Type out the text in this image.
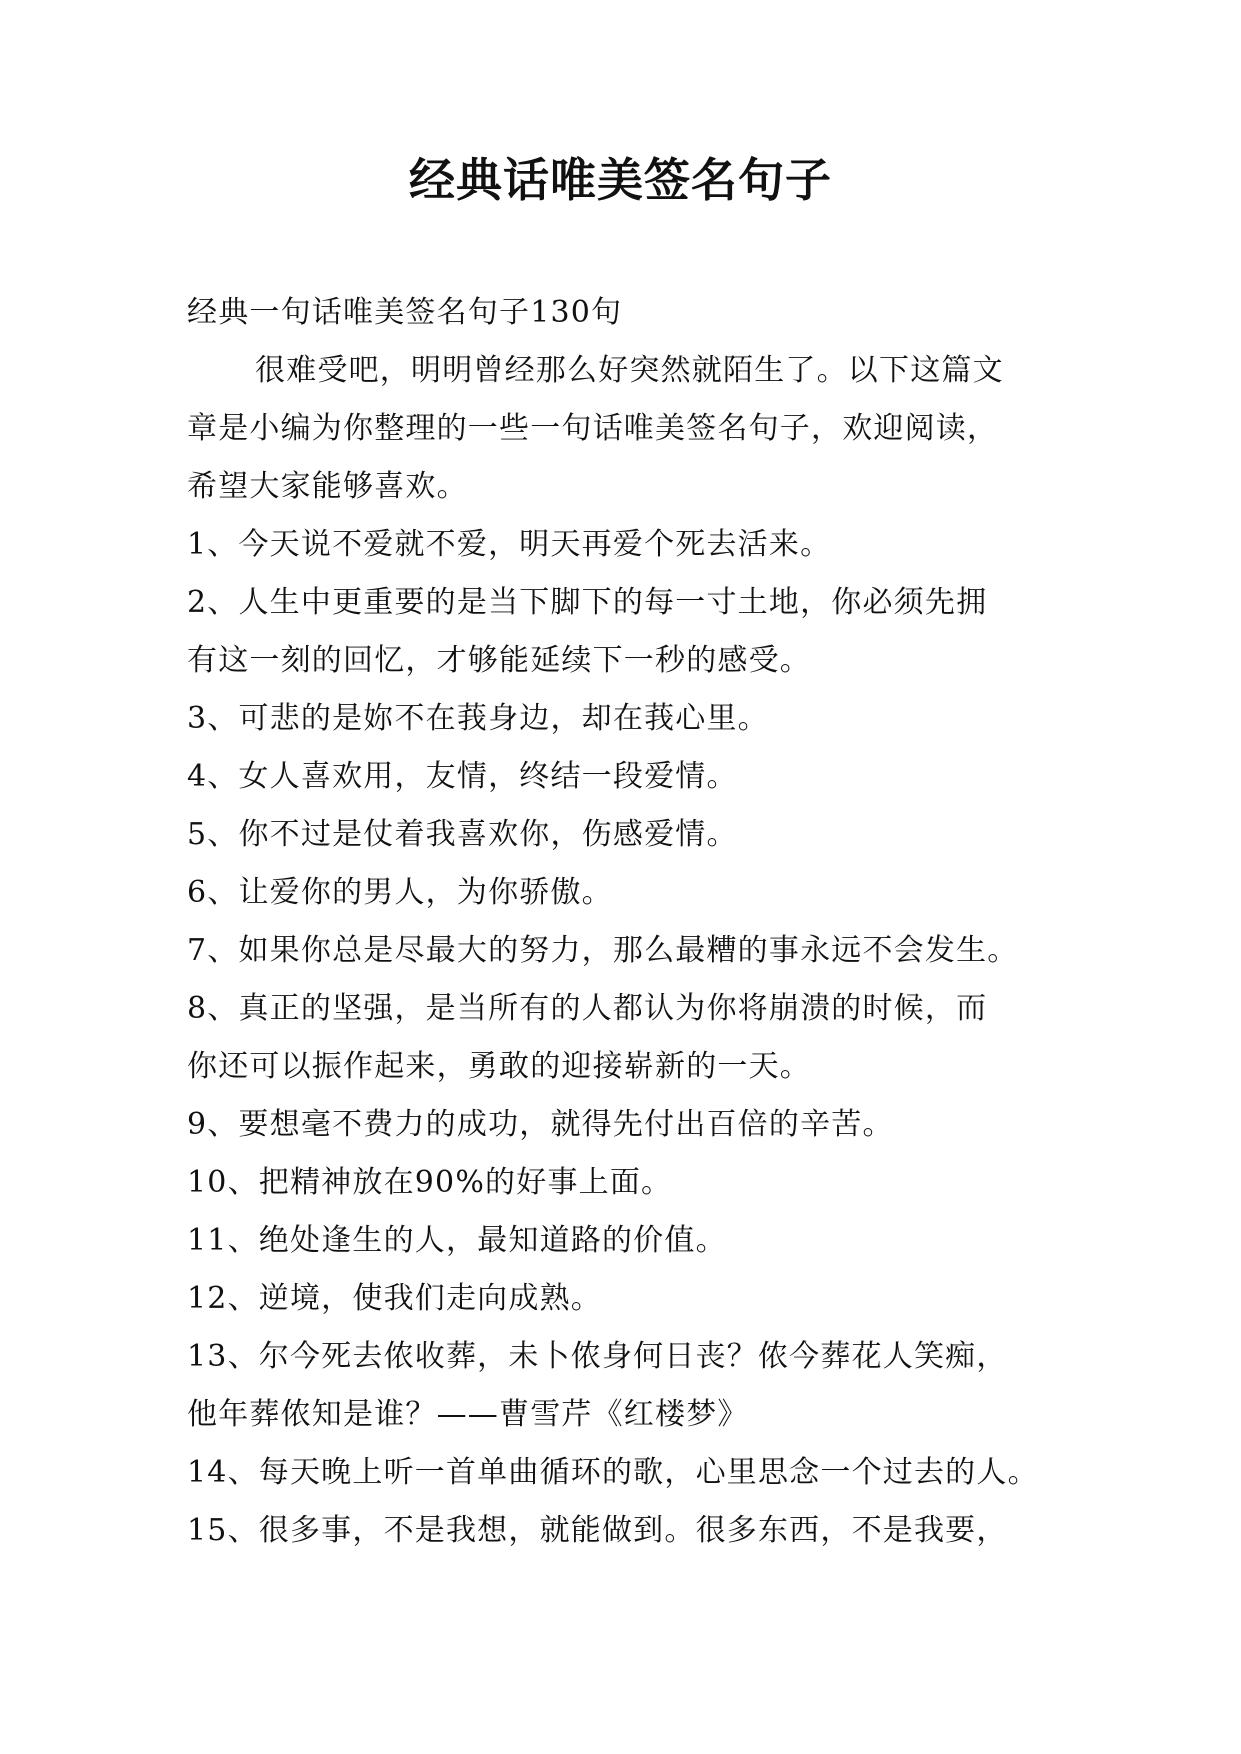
经典话唯美签名句子
经典一句话唯美签名句子130句
很难受吧，明明曾经那么好突然就陌生了。以下这篇文
章是小编为你整理的一些一句话唯美签名句子，欢迎阅读，
希望大家能够喜欢。
1、今天说不爱就不爱，明天再爱个死去活来。
2、人生中更重要的是当下脚下的每一寸土地，你必须先拥
有这一刻的回忆，才够能延续下一秒的感受。
3、可悲的是妳不在莪身边，却在莪心里。
4、女人喜欢用，友情，终结一段爱情。
5、你不过是仗着我喜欢你，伤感爱情。
6、让爱你的男人，为你骄傲。
7、如果你总是尽最大的努力，那么最糟的事永远不会发生。
8、真正的坚强，是当所有的人都认为你将崩溃的时候，而
你还可以振作起来，勇敢的迎接崭新的一天。
9、要想毫不费力的成功，就得先付出百倍的辛苦。
10、把精神放在90%的好事上面。
11、绝处逢生的人，最知道路的价值。
12、逆境，使我们走向成熟。
13、尔今死去侬收葬，未卜侬身何日丧？侬今葬花人笑痴，
他年葬侬知是谁？——曹雪芹《红楼梦》
14、每天晚上听一首单曲循环的歌，心里思念一个过去的人。
15、很多事，不是我想，就能做到。很多东西，不是我要，
